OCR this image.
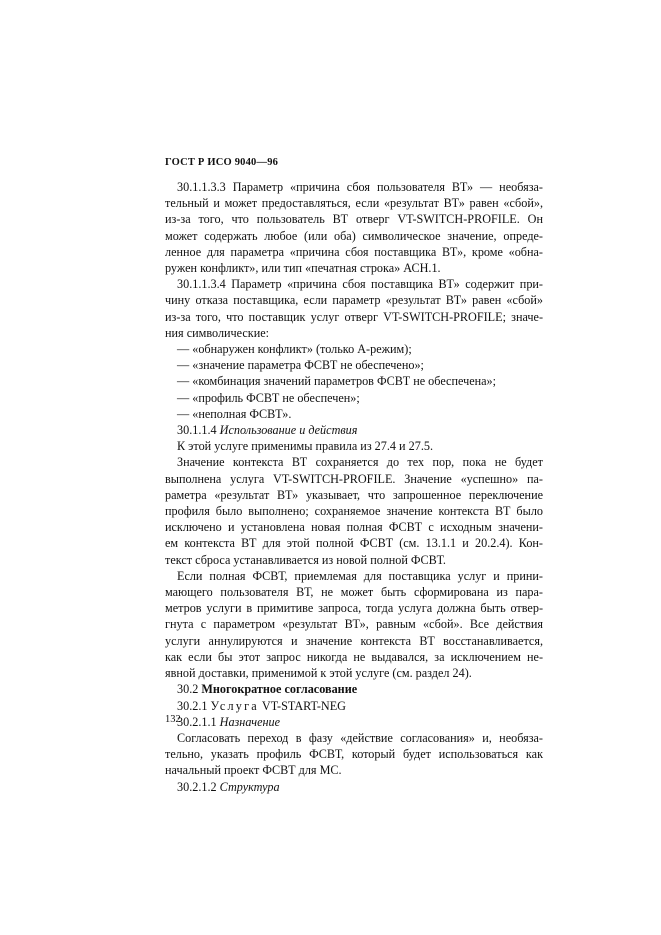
ГОСТ Р ИСО 9040—96
30.1.1.3.3 Параметр «причина сбоя пользователя ВТ» — необяза-
тельный и может предоставляться, если «результат ВТ» равен «сбой»,
из-за того, что пользователь ВТ отверг VT-SWITCH-PROFILE. Он
может содержать любое (или оба) символическое значение, опреде-
ленное для параметра «причина сбоя поставщика ВТ», кроме «обна-
ружен конфликт», или тип «печатная строка» АСН.1.
30.1.1.3.4 Параметр «причина сбоя поставщика ВТ» содержит при-
чину отказа поставщика, если параметр «результат ВТ» равен «сбой»
из-за того, что поставщик услуг отверг VT-SWITCH-PROFILE; значе-
ния символические:
— «обнаружен конфликт» (только А-режим);
— «значение параметра ФСВТ не обеспечено»;
— «комбинация значений параметров ФСВТ не обеспечена»;
— «профиль ФСВТ не обеспечен»;
— «неполная ФСВТ».
30.1.1.4 Использование и действия
К этой услуге применимы правила из 27.4 и 27.5.
Значение контекста ВТ сохраняется до тех пор, пока не будет
выполнена услуга VT-SWITCH-PROFILE. Значение «успешно» па-
раметра «результат ВТ» указывает, что запрошенное переключение
профиля было выполнено; сохраняемое значение контекста ВТ было
исключено и установлена новая полная ФСВТ с исходным значени-
ем контекста ВТ для этой полной ФСВТ (см. 13.1.1 и 20.2.4). Кон-
текст сброса устанавливается из новой полной ФСВТ.
Если полная ФСВТ, приемлемая для поставщика услуг и прини-
мающего пользователя ВТ, не может быть сформирована из пара-
метров услуги в примитиве запроса, тогда услуга должна быть отвер-
гнута с параметром «результат ВТ», равным «сбой». Все действия
услуги аннулируются и значение контекста ВТ восстанавливается,
как если бы этот запрос никогда не выдавался, за исключением не-
явной доставки, применимой к этой услуге (см. раздел 24).
30.2 Многократное согласование
30.2.1 Услуга VT-START-NEG
30.2.1.1 Назначение
Согласовать переход в фазу «действие согласования» и, необяза-
тельно, указать профиль ФСВТ, который будет использоваться как
начальный проект ФСВТ для МС.
30.2.1.2 Структура
132
